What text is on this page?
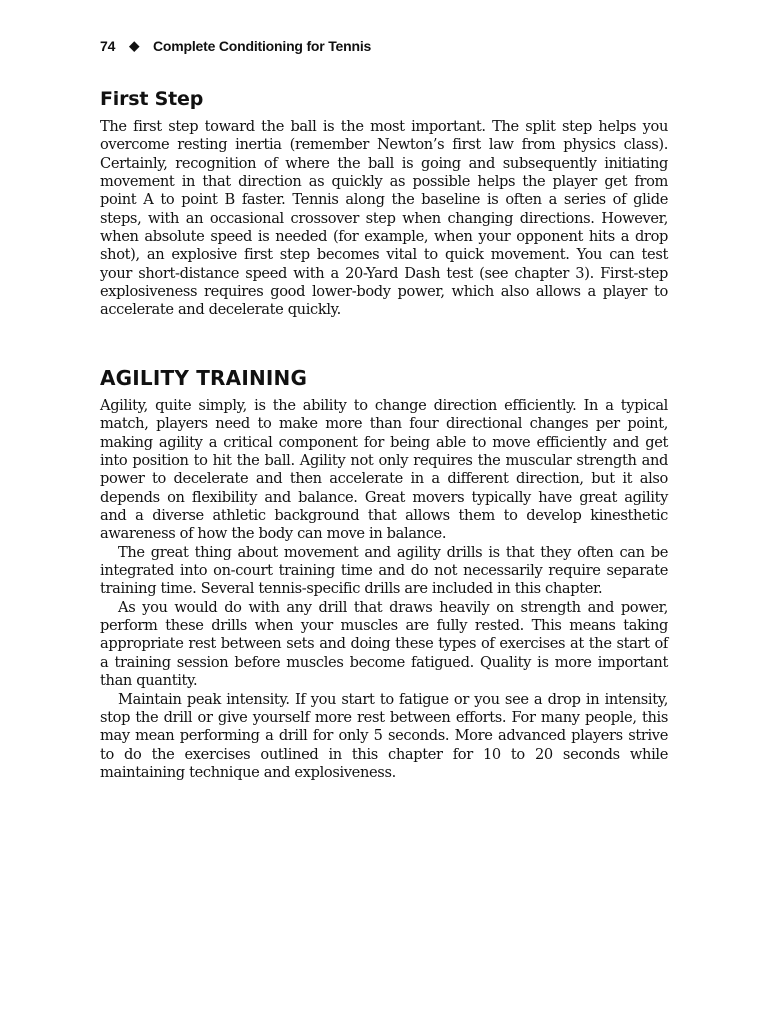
74 ◆ Complete Conditioning for Tennis
First Step

The first step toward the ball is the most important. The split step helps you overcome resting inertia (remember Newton’s first law from physics class). Certainly, recognition of where the ball is going and subsequently initiating movement in that direction as quickly as possible helps the player get from point A to point B faster. Tennis along the baseline is often a series of glide steps, with an occasional crossover step when changing directions. However, when absolute speed is needed (for example, when your opponent hits a drop shot), an explosive first step becomes vital to quick movement. You can test your short-distance speed with a 20-Yard Dash test (see chapter 3). First-step explosiveness requires good lower-body power, which also allows a player to accelerate and decelerate quickly.

AGILITY TRAINING

Agility, quite simply, is the ability to change direction efficiently. In a typical match, players need to make more than four directional changes per point, making agility a critical component for being able to move efficiently and get into position to hit the ball. Agility not only requires the muscular strength and power to decelerate and then accelerate in a different direction, but it also depends on flexibility and balance. Great movers typically have great agility and a diverse athletic background that allows them to develop kinesthetic awareness of how the body can move in balance.

The great thing about movement and agility drills is that they often can be integrated into on-court training time and do not necessarily require separate training time. Several tennis-specific drills are included in this chapter.

As you would do with any drill that draws heavily on strength and power, perform these drills when your muscles are fully rested. This means taking appropriate rest between sets and doing these types of exercises at the start of a training session before muscles become fatigued. Quality is more important than quantity.

Maintain peak intensity. If you start to fatigue or you see a drop in intensity, stop the drill or give yourself more rest between efforts. For many people, this may mean performing a drill for only 5 seconds. More advanced players strive to do the exercises outlined in this chapter for 10 to 20 seconds while maintaining technique and explosiveness.
